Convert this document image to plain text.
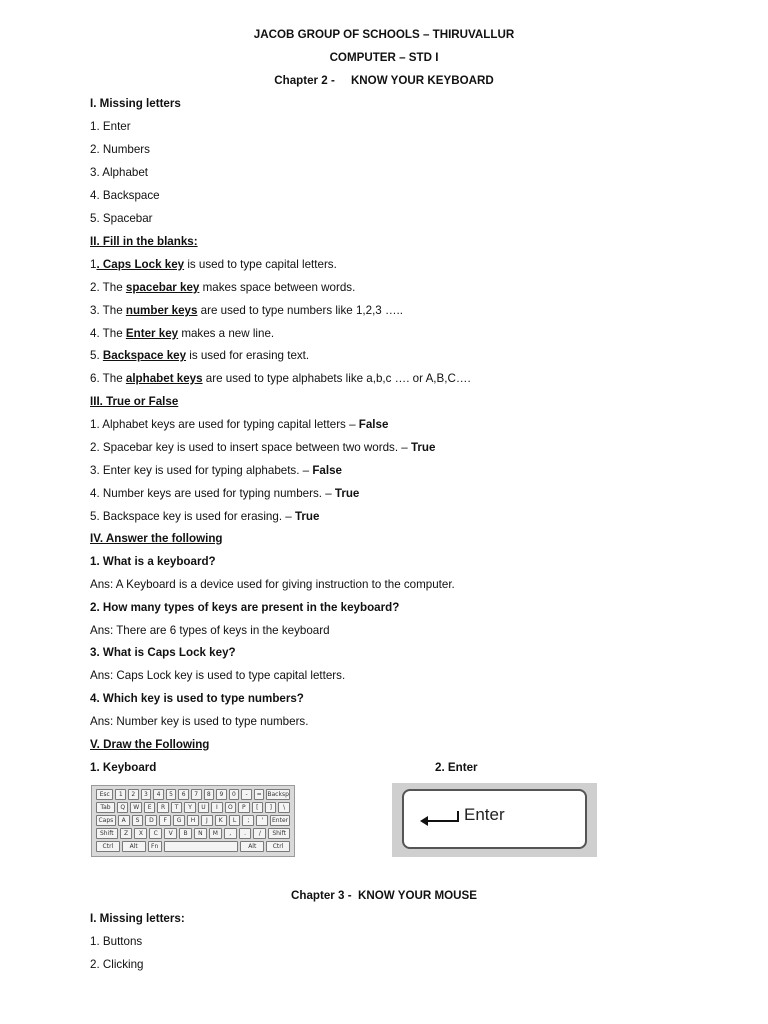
JACOB GROUP OF SCHOOLS – THIRUVALLUR
COMPUTER – STD I
Chapter 2 - KNOW YOUR KEYBOARD
I. Missing letters
1. Enter
2. Numbers
3. Alphabet
4. Backspace
5. Spacebar
II. Fill in the blanks:
1. Caps Lock key is used to type capital letters.
2. The spacebar key makes space between words.
3. The number keys are used to type numbers like 1,2,3 …..
4. The Enter key makes a new line.
5. Backspace key is used for erasing text.
6. The alphabet keys are used to type alphabets like a,b,c …. or A,B,C….
III. True or False
1. Alphabet keys are used for typing capital letters – False
2. Spacebar key is used to insert space between two words. – True
3. Enter key is used for typing alphabets. – False
4. Number keys are used for typing numbers. – True
5. Backspace key is used for erasing. – True
IV. Answer the following
1. What is a keyboard?
Ans: A Keyboard is a device used for giving instruction to the computer.
2. How many types of keys are present in the keyboard?
Ans: There are 6 types of keys in the keyboard
3. What is Caps Lock key?
Ans: Caps Lock key is used to type capital letters.
4. Which key is used to type numbers?
Ans: Number key is used to type numbers.
V. Draw the Following
1. Keyboard	2. Enter
Esc	1	2	3	4	5	6	7	8	9	0	-	= Backsp
Tab	Q	W	E	R	T	Y	U	I	O	P	[	]	\
Caps	A	S	D	F	G	H	J	K	L	;	'	Enter
Shift	Z	X	C	V	B	N	M	,	.	/	Shift
Ctrl	Alt	Fn	Alt	Ctrl
Enter
Chapter 3 - KNOW YOUR MOUSE
I. Missing letters:
1. Buttons
2. Clicking
